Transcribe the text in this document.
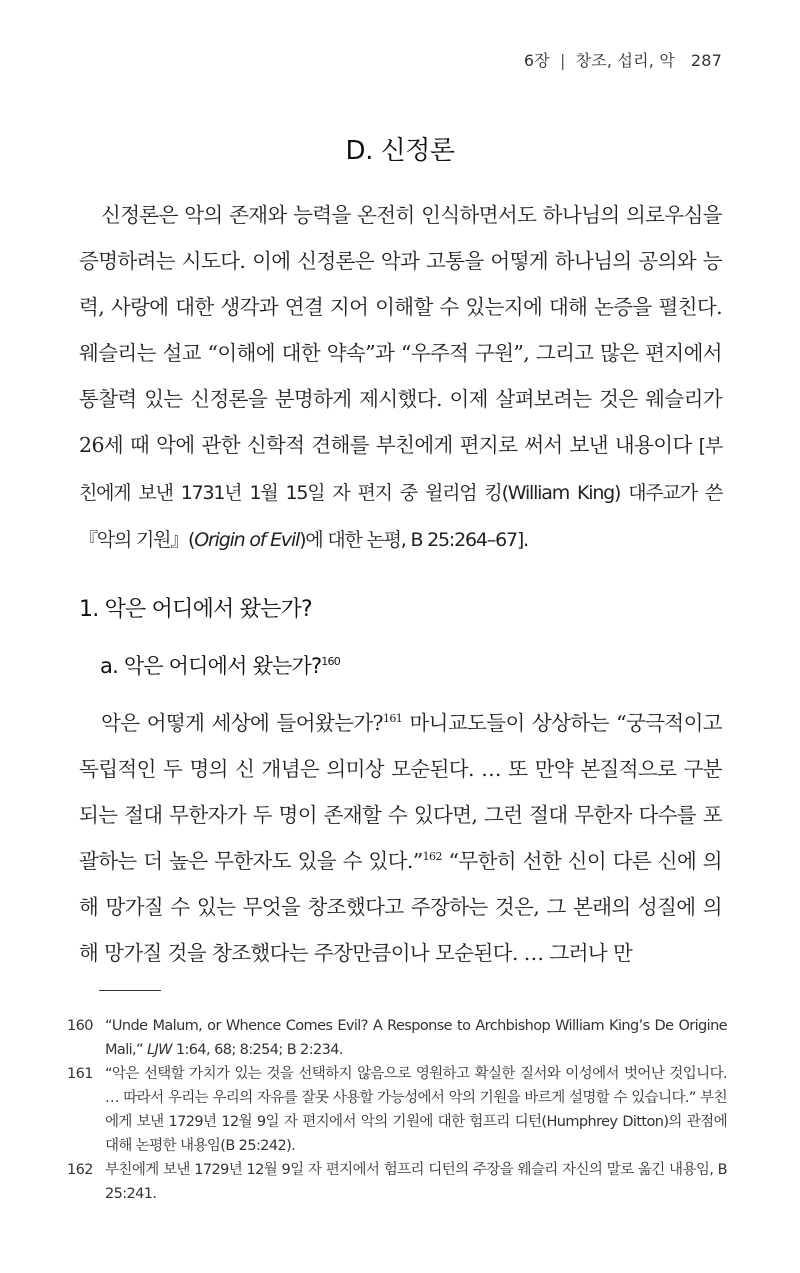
6장 | 창조, 섭리, 악 287
D. 신정론

신정론은 악의 존재와 능력을 온전히 인식하면서도 하나님의 의로우심을 증명하려는 시도다. 이에 신정론은 악과 고통을 어떻게 하나님의 공의와 능력, 사랑에 대한 생각과 연결 지어 이해할 수 있는지에 대해 논증을 펼친다. 웨슬리는 설교 “이해에 대한 약속”과 “우주적 구원”, 그리고 많은 편지에서 통찰력 있는 신정론을 분명하게 제시했다. 이제 살펴보려는 것은 웨슬리가 26세 때 악에 관한 신학적 견해를 부친에게 편지로 써서 보낸 내용이다 [부친에게 보낸 1731년 1월 15일 자 편지 중 윌리엄 킹(William King) 대주교가 쓴 『악의 기원』(Origin of Evil)에 대한 논평, B 25:264–67].

1. 악은 어디에서 왔는가?
a. 악은 어디에서 왔는가?$^{160}$

악은 어떻게 세상에 들어왔는가?$^{161}$ 마니교도들이 상상하는 “궁극적이고 독립적인 두 명의 신 개념은 의미상 모순된다. … 또 만약 본질적으로 구분되는 절대 무한자가 두 명이 존재할 수 있다면, 그런 절대 무한자 다수를 포괄하는 더 높은 무한자도 있을 수 있다.”$^{162}$ “무한히 선한 신이 다른 신에 의해 망가질 수 있는 무엇을 창조했다고 주장하는 것은, 그 본래의 성질에 의해 망가질 것을 창조했다는 주장만큼이나 모순된다. … 그러나 만

160 “Unde Malum, or Whence Comes Evil? A Response to Archbishop William King’s De Origine Mali,” LJW 1:64, 68; 8:254; B 2:234.
161 “악은 선택할 가치가 있는 것을 선택하지 않음으로 영원하고 확실한 질서와 이성에서 벗어난 것입니다. … 따라서 우리는 우리의 자유를 잘못 사용할 가능성에서 악의 기원을 바르게 설명할 수 있습니다.” 부친에게 보낸 1729년 12월 9일 자 편지에서 악의 기원에 대한 험프리 디턴(Humphrey Ditton)의 관점에 대해 논평한 내용임(B 25:242).
162 부친에게 보낸 1729년 12월 9일 자 편지에서 험프리 디턴의 주장을 웨슬리 자신의 말로 옮긴 내용임, B 25:241.
